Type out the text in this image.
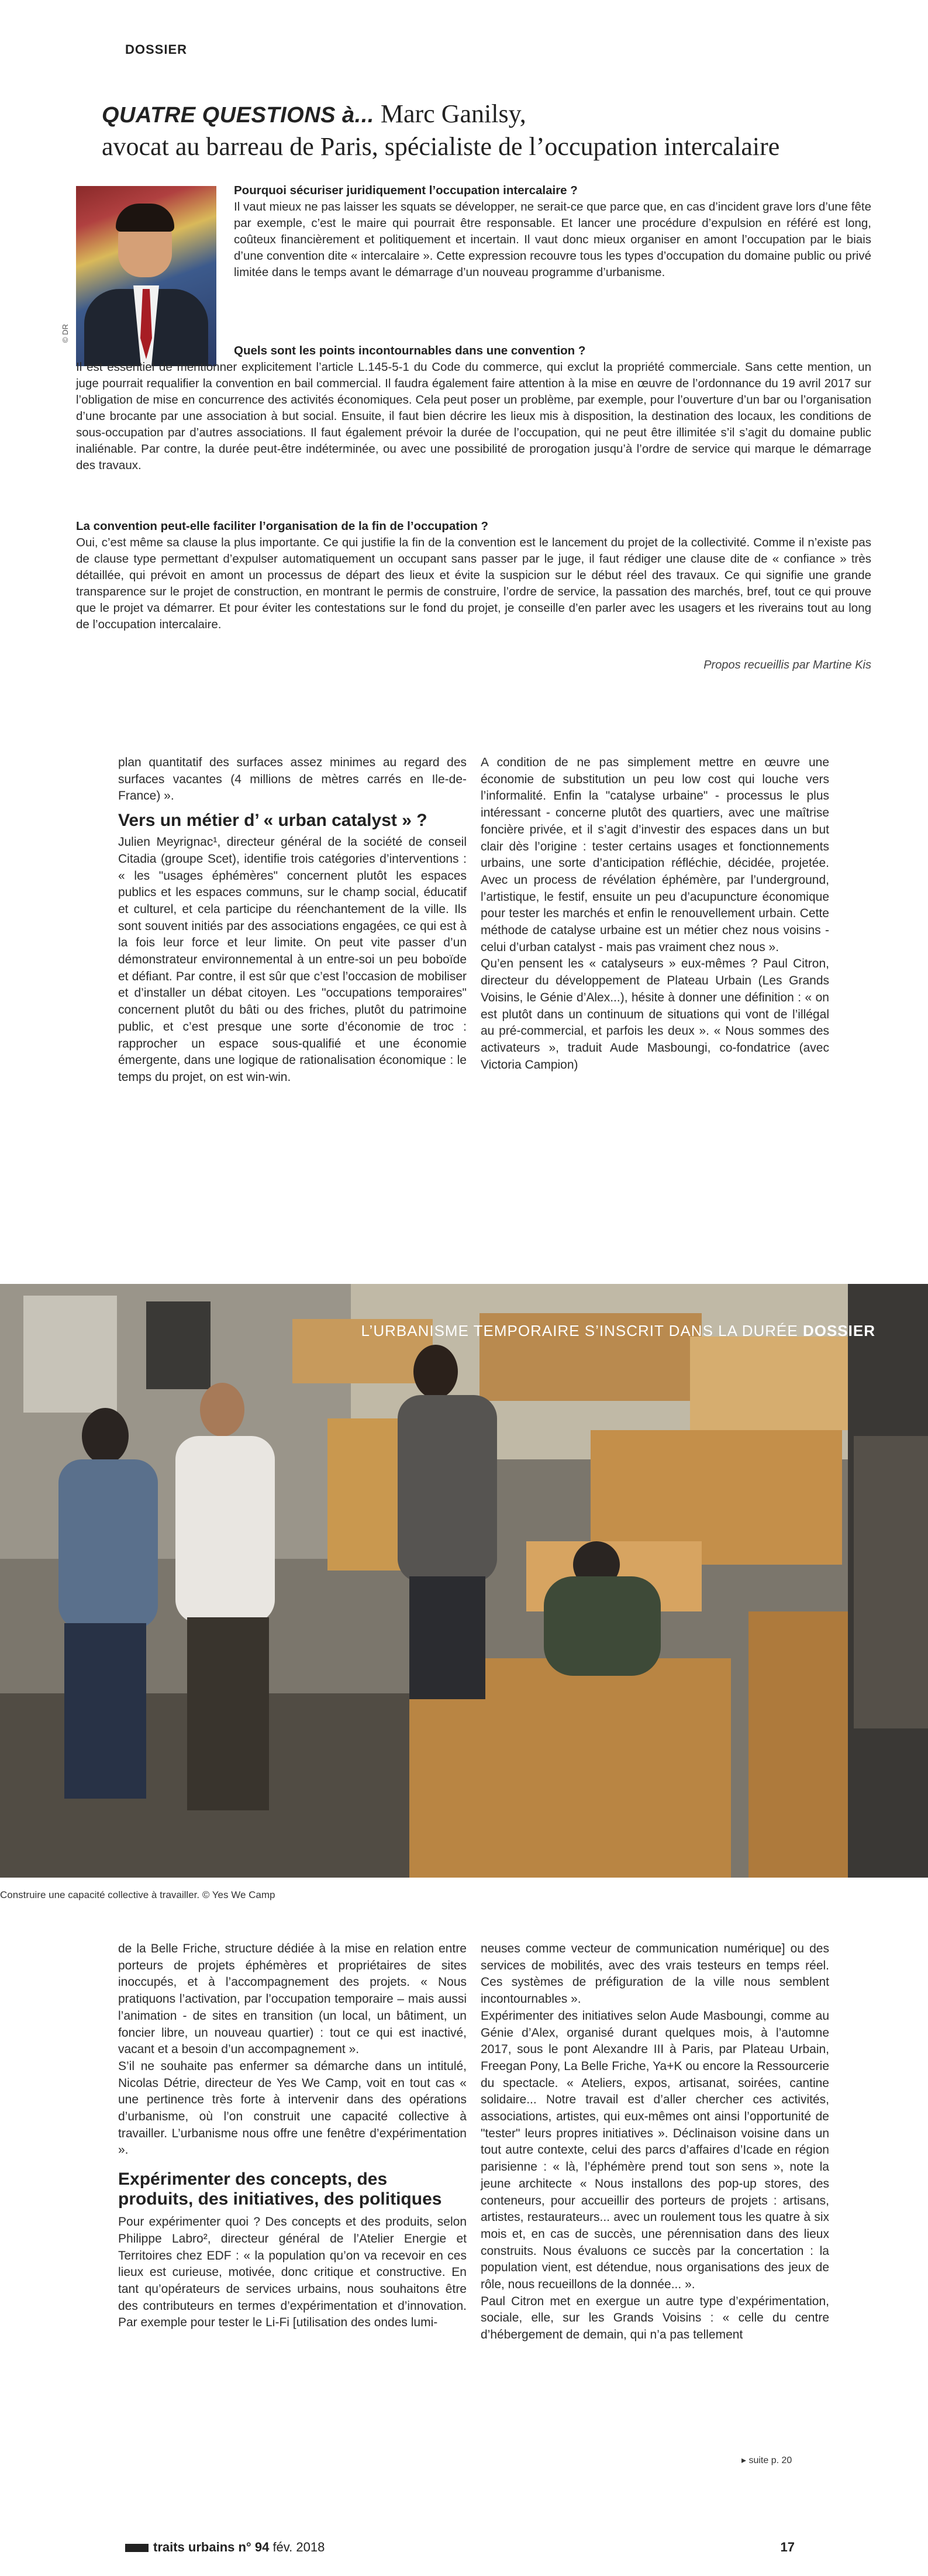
DOSSIER
QUATRE QUESTIONS à... Marc Ganilsy,
avocat au barreau de Paris, spécialiste de l’occupation intercalaire
© DR

Pourquoi sécuriser juridiquement l’occupation intercalaire ?

Il vaut mieux ne pas laisser les squats se développer, ne serait-ce que parce que, en cas d’incident grave lors d’une fête par exemple, c’est le maire qui pourrait être responsable. Et lancer une procédure d’expulsion en référé est long, coûteux financièrement et politiquement et incertain. Il vaut donc mieux organiser en amont l’occupation par le biais d’une convention dite « intercalaire ». Cette expression recouvre tous les types d’occupation du domaine public ou privé limitée dans le temps avant le démarrage d’un nouveau programme d’urbanisme.

Quels sont les points incontournables dans une convention ?

Il est essentiel de mentionner explicitement l’article L.145-5-1 du Code du commerce, qui exclut la propriété commerciale. Sans cette mention, un juge pourrait requalifier la convention en bail commercial. Il faudra également faire attention à la mise en œuvre de l’ordonnance du 19 avril 2017 sur l’obligation de mise en concurrence des activités économiques. Cela peut poser un problème, par exemple, pour l’ouverture d’un bar ou l’organisation d’une brocante par une association à but social. Ensuite, il faut bien décrire les lieux mis à disposition, la destination des locaux, les conditions de sous-occupation par d’autres associations. Il faut également prévoir la durée de l’occupation, qui ne peut être illimitée s’il s’agit du domaine public inaliénable. Par contre, la durée peut-être indéterminée, ou avec une possibilité de prorogation jusqu’à l’ordre de service qui marque le démarrage des travaux.

La convention peut-elle faciliter l’organisation de la fin de l’occupation ?

Oui, c’est même sa clause la plus importante. Ce qui justifie la fin de la convention est le lancement du projet de la collectivité. Comme il n’existe pas de clause type permettant d’expulser automatiquement un occupant sans passer par le juge, il faut rédiger une clause dite de « confiance » très détaillée, qui prévoit en amont un processus de départ des lieux et évite la suspicion sur le début réel des travaux. Ce qui signifie une grande transparence sur le projet de construction, en montrant le permis de construire, l’ordre de service, la passation des marchés, bref, tout ce qui prouve que le projet va démarrer. Et pour éviter les contestations sur le fond du projet, je conseille d’en parler avec les usagers et les riverains tout au long de l’occupation intercalaire.

Propos recueillis par Martine Kis

plan quantitatif des surfaces assez minimes au regard des surfaces vacantes (4 millions de mètres carrés en Ile-de-France) ».

Vers un métier d’ « urban catalyst » ?

Julien Meyrignac¹, directeur général de la société de conseil Citadia (groupe Scet), identifie trois catégories d’interventions : « les "usages éphémères" concernent plutôt les espaces publics et les espaces communs, sur le champ social, éducatif et culturel, et cela participe du réenchantement de la ville. Ils sont souvent initiés par des associations engagées, ce qui est à la fois leur force et leur limite. On peut vite passer d’un démonstrateur environnemental à un entre-soi un peu boboïde et défiant. Par contre, il est sûr que c’est l’occasion de mobiliser et d’installer un débat citoyen. Les "occupations temporaires" concernent plutôt du bâti ou des friches, plutôt du patrimoine public, et c’est presque une sorte d’économie de troc : rapprocher un espace sous-qualifié et une économie émergente, dans une logique de rationalisation économique : le temps du projet, on est win-win.

A condition de ne pas simplement mettre en œuvre une économie de substitution un peu low cost qui louche vers l’informalité. Enfin la "catalyse urbaine" - processus le plus intéressant - concerne plutôt des quartiers, avec une maîtrise foncière privée, et il s’agit d’investir des espaces dans un but clair dès l’origine : tester certains usages et fonctionnements urbains, une sorte d’anticipation réfléchie, décidée, projetée. Avec un process de révélation éphémère, par l’underground, l’artistique, le festif, ensuite un peu d’acupuncture économique pour tester les marchés et enfin le renouvellement urbain. Cette méthode de catalyse urbaine est un métier chez nous voisins - celui d’urban catalyst - mais pas vraiment chez nous ».

Qu’en pensent les « catalyseurs » eux-mêmes ? Paul Citron, directeur du développement de Plateau Urbain (Les Grands Voisins, le Génie d’Alex...), hésite à donner une définition : « on est plutôt dans un continuum de situations qui vont de l’illégal au pré-commercial, et parfois les deux ». « Nous sommes des activateurs », traduit Aude Masboungi, co-fondatrice (avec Victoria Campion)

L’URBANISME TEMPORAIRE S’INSCRIT DANS LA DURÉE DOSSIER
Construire une capacité collective à travailler. © Yes We Camp

de la Belle Friche, structure dédiée à la mise en relation entre porteurs de projets éphémères et propriétaires de sites inoccupés, et à l’accompagnement des projets. « Nous pratiquons l’activation, par l’occupation temporaire – mais aussi l’animation - de sites en transition (un local, un bâtiment, un foncier libre, un nouveau quartier) : tout ce qui est inactivé, vacant et a besoin d’un accompagnement ».

S’il ne souhaite pas enfermer sa démarche dans un intitulé, Nicolas Détrie, directeur de Yes We Camp, voit en tout cas « une pertinence très forte à intervenir dans des opérations d’urbanisme, où l’on construit une capacité collective à travailler. L’urbanisme nous offre une fenêtre d’expérimentation ».

Expérimenter des concepts, des produits, des initiatives, des politiques

Pour expérimenter quoi ? Des concepts et des produits, selon Philippe Labro², directeur général de l’Atelier Energie et Territoires chez EDF : « la population qu’on va recevoir en ces lieux est curieuse, motivée, donc critique et constructive. En tant qu’opérateurs de services urbains, nous souhaitons être des contributeurs en termes d’expérimentation et d’innovation. Par exemple pour tester le Li-Fi [utilisation des ondes lumi-

neuses comme vecteur de communication numérique] ou des services de mobilités, avec des vrais testeurs en temps réel. Ces systèmes de préfiguration de la ville nous semblent incontournables ».

Expérimenter des initiatives selon Aude Masboungi, comme au Génie d’Alex, organisé durant quelques mois, à l’automne 2017, sous le pont Alexandre III à Paris, par Plateau Urbain, Freegan Pony, La Belle Friche, Ya+K ou encore la Ressourcerie du spectacle. « Ateliers, expos, artisanat, soirées, cantine solidaire... Notre travail est d’aller chercher ces activités, associations, artistes, qui eux-mêmes ont ainsi l’opportunité de "tester" leurs propres initiatives ». Déclinaison voisine dans un tout autre contexte, celui des parcs d’affaires d’Icade en région parisienne : « là, l’éphémère prend tout son sens », note la jeune architecte « Nous installons des pop-up stores, des conteneurs, pour accueillir des porteurs de projets : artisans, artistes, restaurateurs... avec un roulement tous les quatre à six mois et, en cas de succès, une pérennisation dans des lieux construits. Nous évaluons ce succès par la concertation : la population vient, est détendue, nous organisations des jeux de rôle, nous recueillons de la donnée... ».

Paul Citron met en exergue un autre type d’expérimentation, sociale, elle, sur les Grands Voisins : « celle du centre d’hébergement de demain, qui n’a pas tellement

▸ suite p. 20
traits urbains n° 94 fév. 2018	17
